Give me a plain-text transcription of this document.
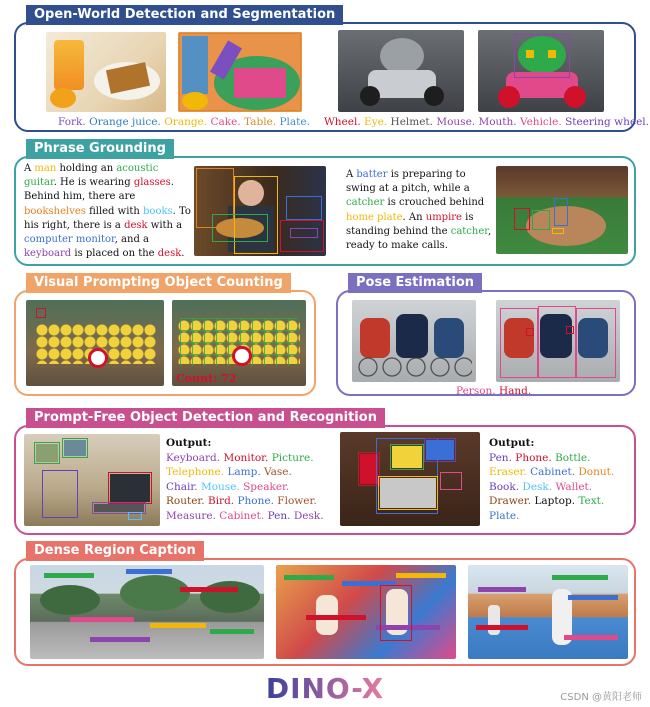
Open-World Detection and Segmentation
Fork. Orange juice. Orange. Cake. Table. Plate. Wheel. Eye. Helmet. Mouse. Mouth. Vehicle. Steering wheel.
Phrase Grounding
A man holding an acoustic guitar. He is wearing glasses. Behind him, there are bookshelves filled with books. To his right, there is a desk with a computer monitor, and a keyboard is placed on the desk.
A batter is preparing to swing at a pitch, while a catcher is crouched behind home plate. An umpire is standing behind the catcher, ready to make calls.
Visual Prompting Object Counting
Count: 72
Pose Estimation
Person. Hand.
Prompt-Free Object Detection and Recognition
Output:
Keyboard. Monitor. Picture.
Telephone. Lamp. Vase.
Chair. Mouse. Speaker.
Router. Bird. Phone. Flower.
Measure. Cabinet. Pen. Desk.
Output:
Pen. Phone. Bottle.
Eraser. Cabinet. Donut.
Book. Desk. Wallet.
Drawer. Laptop. Text.
Plate.
Dense Region Caption
DINO-X	CSDN @黄阳老师
